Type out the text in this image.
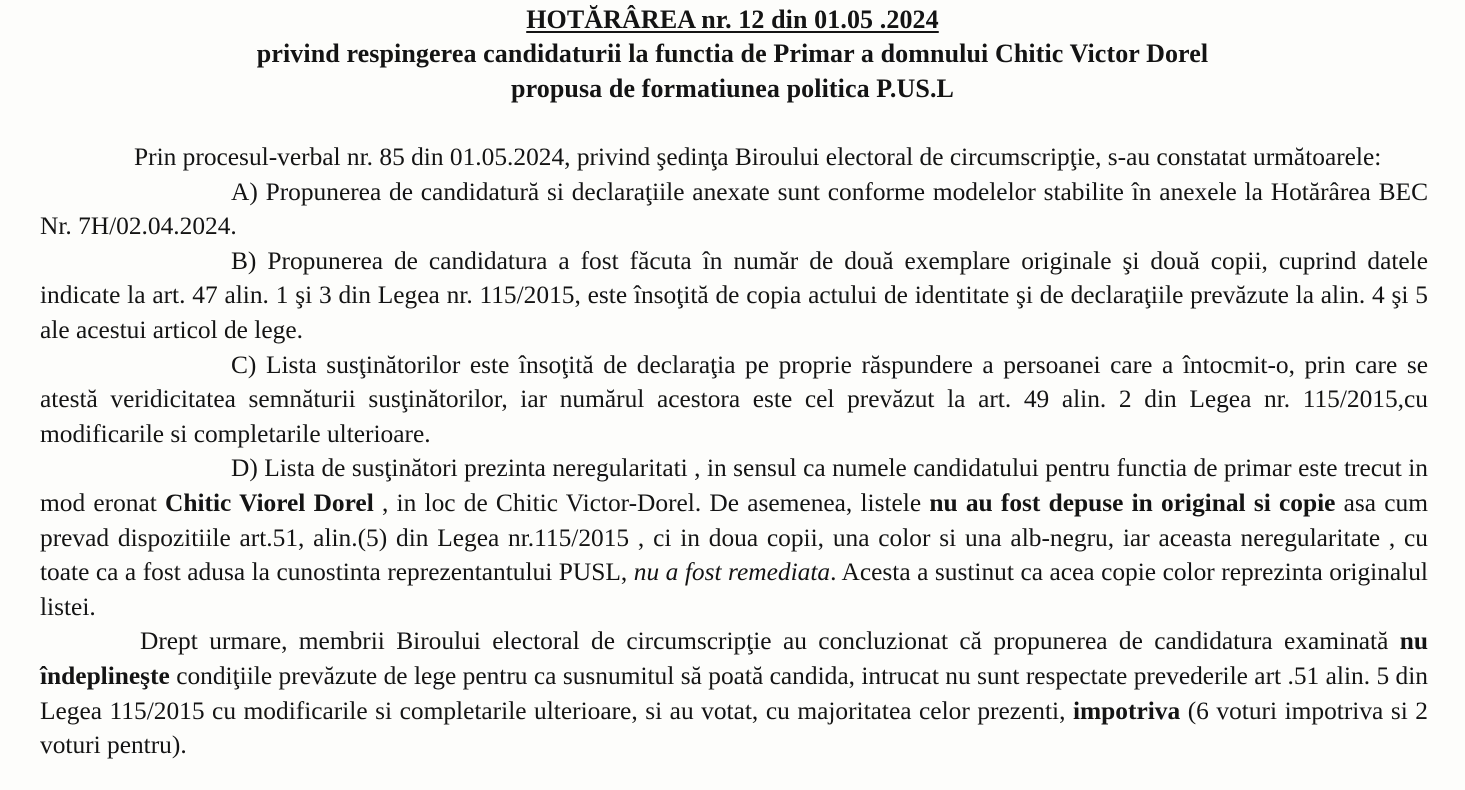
HOTĂRÂREA nr. 12 din 01.05 .2024
privind respingerea candidaturii la functia de Primar a domnului Chitic Victor Dorel
propusa de formatiunea politica P.US.L

Prin procesul-verbal nr. 85 din 01.05.2024, privind şedinţa Biroului electoral de circumscripţie, s-au constatat următoarele:

A) Propunerea de candidatură si declaraţiile anexate sunt conforme modelelor stabilite în anexele la Hotărârea BEC Nr. 7H/02.04.2024.

B) Propunerea de candidatura a fost făcuta în număr de două exemplare originale şi două copii, cuprind datele indicate la art. 47 alin. 1 şi 3 din Legea nr. 115/2015, este însoţită de copia actului de identitate şi de declaraţiile prevăzute la alin. 4 şi 5 ale acestui articol de lege.

C) Lista susţinătorilor este însoţită de declaraţia pe proprie răspundere a persoanei care a întocmit-o, prin care se atestă veridicitatea semnăturii susţinătorilor, iar numărul acestora este cel prevăzut la art. 49 alin. 2 din Legea nr. 115/2015,cu modificarile si completarile ulterioare.

D) Lista de susţinători prezinta neregularitati , in sensul ca numele candidatului pentru functia de primar este trecut in mod eronat Chitic Viorel Dorel , in loc de Chitic Victor-Dorel. De asemenea, listele nu au fost depuse in original si copie asa cum prevad dispozitiile art.51, alin.(5) din Legea nr.115/2015 , ci in doua copii, una color si una alb-negru, iar aceasta neregularitate , cu toate ca a fost adusa la cunostinta reprezentantului PUSL, nu a fost remediata. Acesta a sustinut ca acea copie color reprezinta originalul listei.

Drept urmare, membrii Biroului electoral de circumscripţie au concluzionat că propunerea de candidatura examinată nu îndeplineşte condiţiile prevăzute de lege pentru ca susnumitul să poată candida, intrucat nu sunt respectate prevederile art .51 alin. 5 din Legea 115/2015 cu modificarile si completarile ulterioare, si au votat, cu majoritatea celor prezenti, impotriva (6 voturi impotriva si 2 voturi pentru).
